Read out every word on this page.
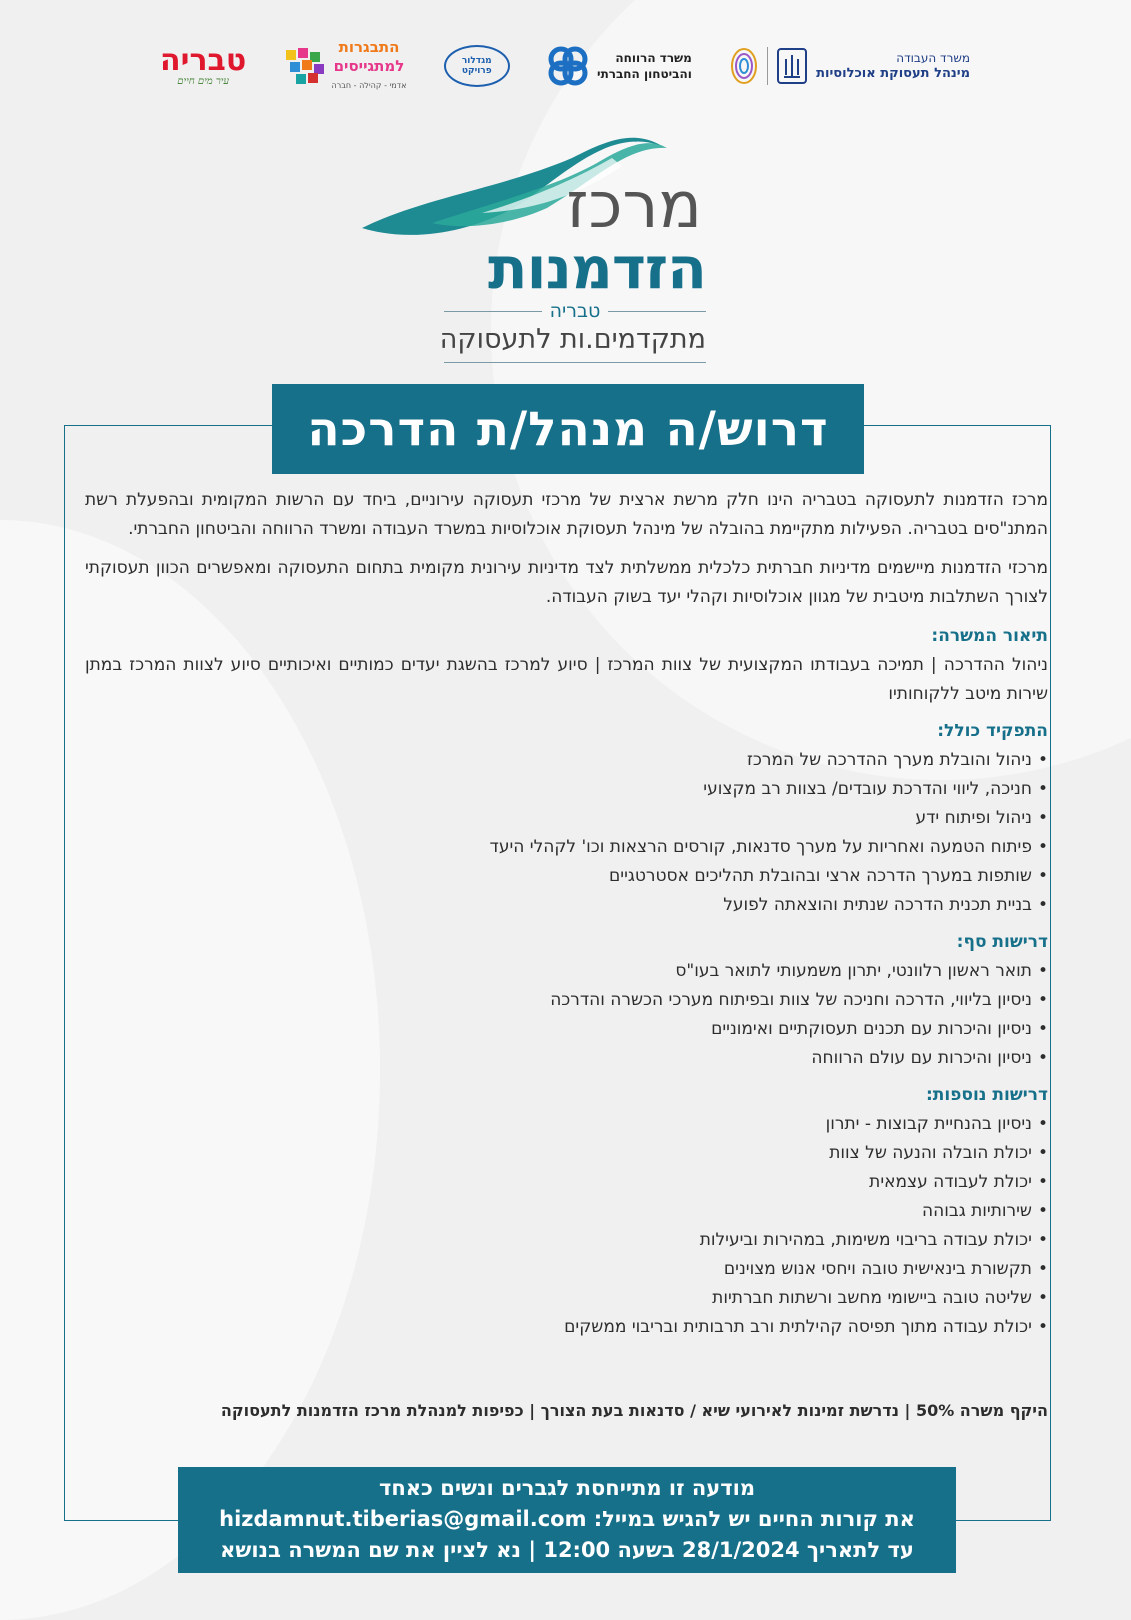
טבריה
עיר מים חיים
התבגרות
למתגייסים
אדמי - קהילה - חברה
מגדלור פרויקט
משרד הרווחה
והביטחון החברתי
משרד העבודה
מינהל תעסוקת אוכלוסיות
מרכז
הזדמנות
טבריה
מתקדמים.ות לתעסוקה
דרוש/ה מנהל/ת הדרכה

מרכז הזדמנות לתעסוקה בטבריה הינו חלק מרשת ארצית של מרכזי תעסוקה עירוניים, ביחד עם הרשות המקומית ובהפעלת רשת המתנ"סים בטבריה. הפעילות מתקיימת בהובלה של מינהל תעסוקת אוכלוסיות במשרד העבודה ומשרד הרווחה והביטחון החברתי.

מרכזי הזדמנות מיישמים מדיניות חברתית כלכלית ממשלתית לצד מדיניות עירונית מקומית בתחום התעסוקה ומאפשרים הכוון תעסוקתי לצורך השתלבות מיטבית של מגוון אוכלוסיות וקהלי יעד בשוק העבודה.

תיאור המשרה:

ניהול ההדרכה | תמיכה בעבודתו המקצועית של צוות המרכז | סיוע למרכז בהשגת יעדים כמותיים ואיכותיים סיוע לצוות המרכז במתן שירות מיטב ללקוחותיו

התפקיד כולל:
• ניהול והובלת מערך ההדרכה של המרכז
• חניכה, ליווי והדרכת עובדים/ בצוות רב מקצועי
• ניהול ופיתוח ידע
• פיתוח הטמעה ואחריות על מערך סדנאות, קורסים הרצאות וכו' לקהלי היעד
• שותפות במערך הדרכה ארצי ובהובלת תהליכים אסטרטגיים
• בניית תכנית הדרכה שנתית והוצאתה לפועל
דרישות סף:
• תואר ראשון רלוונטי, יתרון משמעותי לתואר בעו"ס
• ניסיון בליווי, הדרכה וחניכה של צוות ובפיתוח מערכי הכשרה והדרכה
• ניסיון והיכרות עם תכנים תעסוקתיים ואימוניים
• ניסיון והיכרות עם עולם הרווחה
דרישות נוספות:
• ניסיון בהנחיית קבוצות - יתרון
• יכולת הובלה והנעה של צוות
• יכולת לעבודה עצמאית
• שירותיות גבוהה
• יכולת עבודה בריבוי משימות, במהירות וביעילות
• תקשורת בינאישית טובה ויחסי אנוש מצוינים
• שליטה טובה ביישומי מחשב ורשתות חברתיות
• יכולת עבודה מתוך תפיסה קהילתית ורב תרבותית ובריבוי ממשקים
היקף משרה 50% | נדרשת זמינות לאירועי שיא / סדנאות בעת הצורך | כפיפות למנהלת מרכז הזדמנות לתעסוקה
מודעה זו מתייחסת לגברים ונשים כאחד
את קורות החיים יש להגיש במייל: hizdamnut.tiberias@gmail.com
עד לתאריך 28/1/2024 בשעה 12:00 | נא לציין את שם המשרה בנושא
